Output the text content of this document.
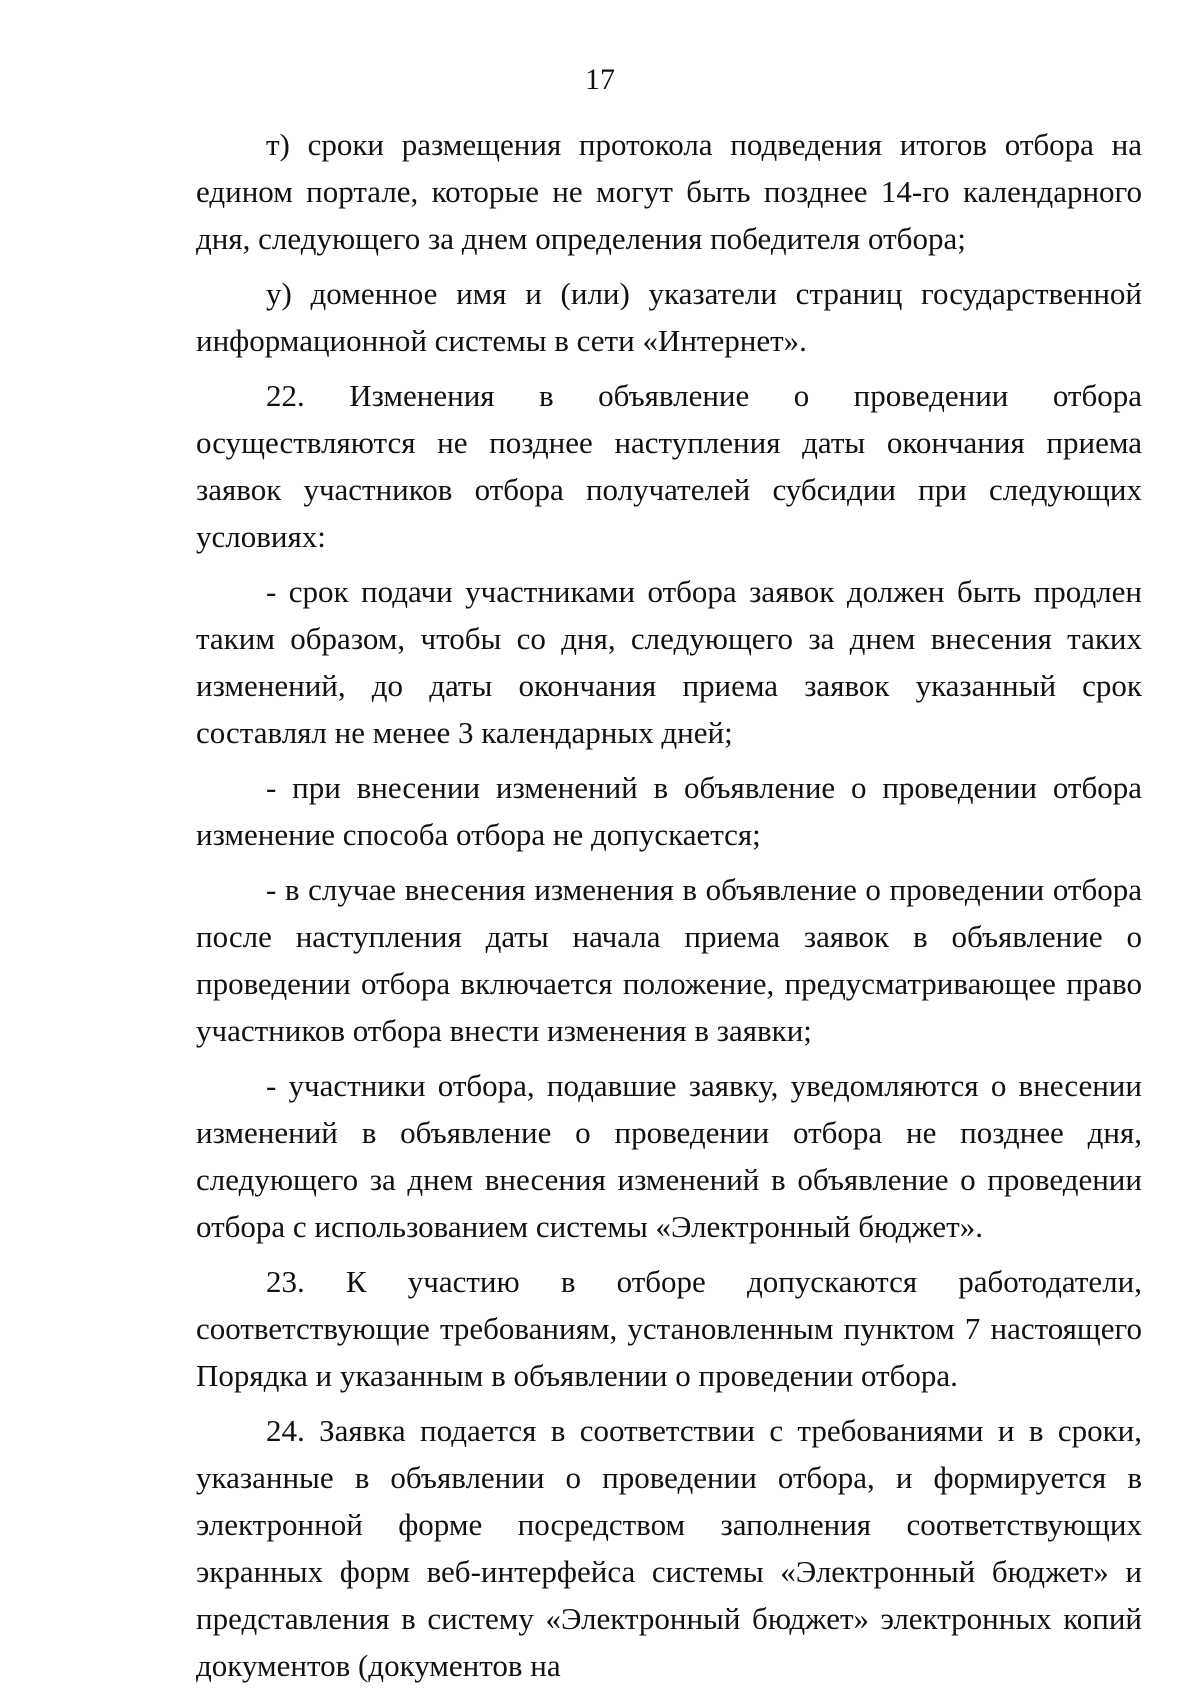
17

т) сроки размещения протокола подведения итогов отбора на едином портале, которые не могут быть позднее 14-го календарного дня, следующего за днем определения победителя отбора;

у) доменное имя и (или) указатели страниц государственной информационной системы в сети «Интернет».

22. Изменения в объявление о проведении отбора осуществляются не позднее наступления даты окончания приема заявок участников отбора получателей субсидии при следующих условиях:

- срок подачи участниками отбора заявок должен быть продлен таким образом, чтобы со дня, следующего за днем внесения таких изменений, до даты окончания приема заявок указанный срок составлял не менее 3 календарных дней;

- при внесении изменений в объявление о проведении отбора изменение способа отбора не допускается;

- в случае внесения изменения в объявление о проведении отбора после наступления даты начала приема заявок в объявление о проведении отбора включается положение, предусматривающее право участников отбора внести изменения в заявки;

- участники отбора, подавшие заявку, уведомляются о внесении изменений в объявление о проведении отбора не позднее дня, следующего за днем внесения изменений в объявление о проведении отбора с использованием системы «Электронный бюджет».

23. К участию в отборе допускаются работодатели, соответствующие требованиям, установленным пунктом 7 настоящего Порядка и указанным в объявлении о проведении отбора.

24. Заявка подается в соответствии с требованиями и в сроки, указанные в объявлении о проведении отбора, и формируется в электронной форме посредством заполнения соответствующих экранных форм веб-интерфейса системы «Электронный бюджет» и представления в систему «Электронный бюджет» электронных копий документов (документов на
